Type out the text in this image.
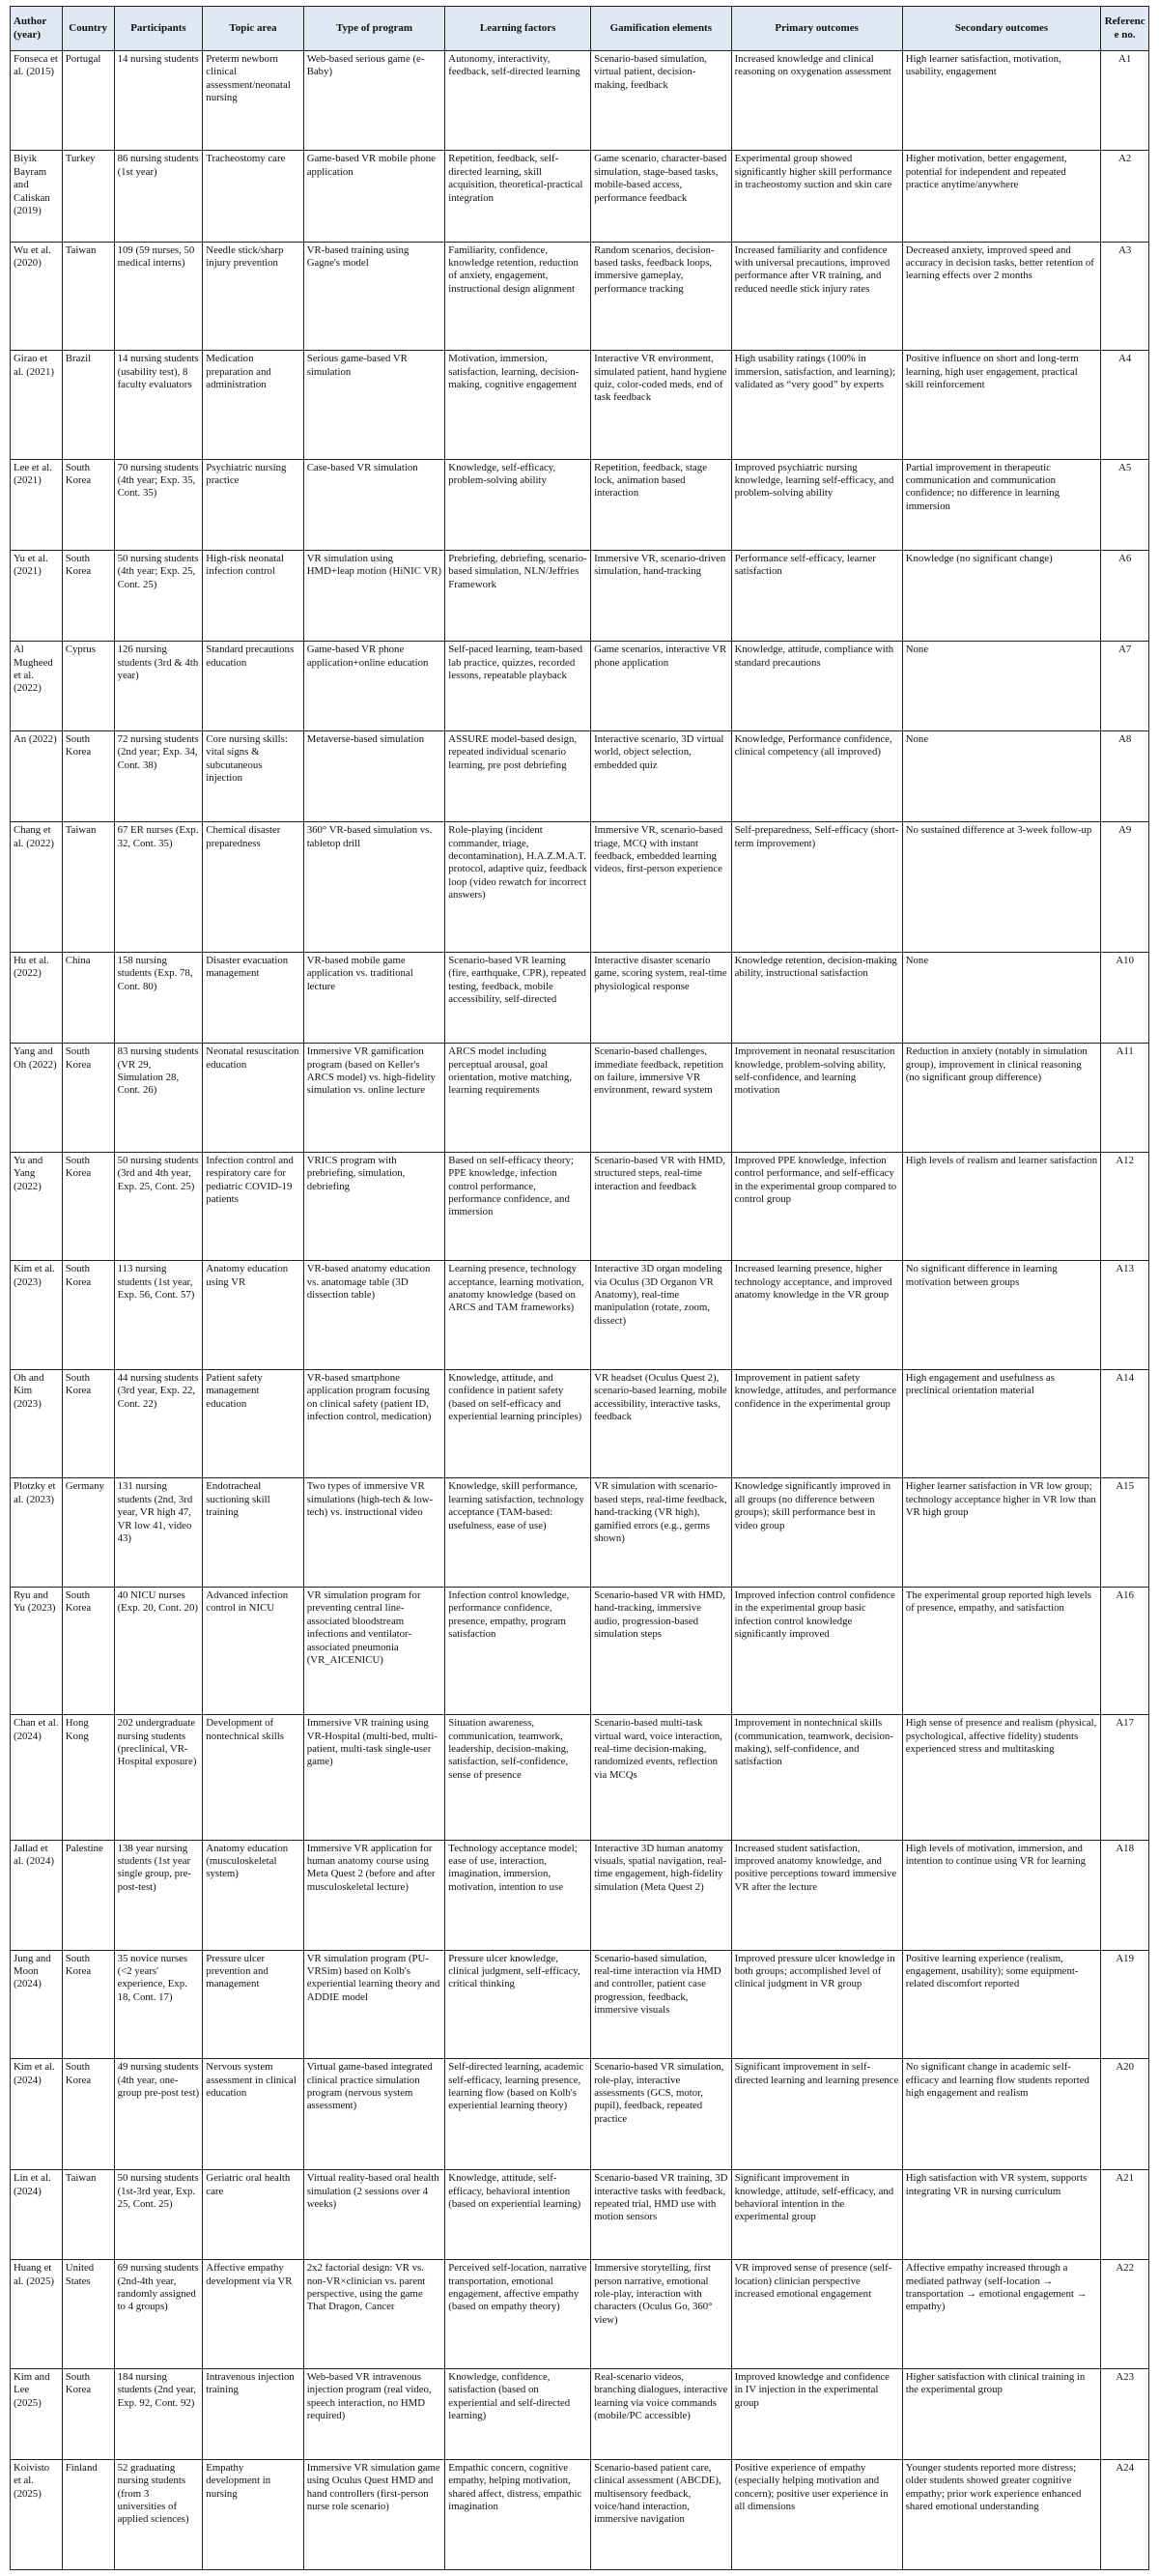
Author (year)	Country	Participants	Topic area	Type of program	Learning factors	Gamification elements	Primary outcomes	Secondary outcomes	Reference no.
Fonseca et al. (2015)	Portugal	14 nursing students	Preterm newborn clinical assessment/neonatal nursing	Web-based serious game (e-Baby)	Autonomy, interactivity, feedback, self-directed learning	Scenario-based simulation, virtual patient, decision-making, feedback	Increased knowledge and clinical reasoning on oxygenation assessment	High learner satisfaction, motivation, usability, engagement	A1
Biyik Bayram and Caliskan (2019)	Turkey	86 nursing students (1st year)	Tracheostomy care	Game-based VR mobile phone application	Repetition, feedback, self-directed learning, skill acquisition, theoretical-practical integration	Game scenario, character-based simulation, stage-based tasks, mobile-based access, performance feedback	Experimental group showed significantly higher skill performance in tracheostomy suction and skin care	Higher motivation, better engagement, potential for independent and repeated practice anytime/anywhere	A2
Wu et al. (2020)	Taiwan	109 (59 nurses, 50 medical interns)	Needle stick/sharp injury prevention	VR-based training using Gagne's model	Familiarity, confidence, knowledge retention, reduction of anxiety, engagement, instructional design alignment	Random scenarios, decision-based tasks, feedback loops, immersive gameplay, performance tracking	Increased familiarity and confidence with universal precautions, improved performance after VR training, and reduced needle stick injury rates	Decreased anxiety, improved speed and accuracy in decision tasks, better retention of learning effects over 2 months	A3
Girao et al. (2021)	Brazil	14 nursing students (usability test), 8 faculty evaluators	Medication preparation and administration	Serious game-based VR simulation	Motivation, immersion, satisfaction, learning, decision-making, cognitive engagement	Interactive VR environment, simulated patient, hand hygiene quiz, color-coded meds, end of task feedback	High usability ratings (100% in immersion, satisfaction, and learning); validated as “very good” by experts	Positive influence on short and long-term learning, high user engagement, practical skill reinforcement	A4
Lee et al. (2021)	South Korea	70 nursing students (4th year; Exp. 35, Cont. 35)	Psychiatric nursing practice	Case-based VR simulation	Knowledge, self-efficacy, problem-solving ability	Repetition, feedback, stage lock, animation based interaction	Improved psychiatric nursing knowledge, learning self-efficacy, and problem-solving ability	Partial improvement in therapeutic communication and communication confidence; no difference in learning immersion	A5
Yu et al. (2021)	South Korea	50 nursing students (4th year; Exp. 25, Cont. 25)	High-risk neonatal infection control	VR simulation using HMD+leap motion (HiNIC VR)	Prebriefing, debriefing, scenario-based simulation, NLN/Jeffries Framework	Immersive VR, scenario-driven simulation, hand-tracking	Performance self-efficacy, learner satisfaction	Knowledge (no significant change)	A6
Al Mugheed et al. (2022)	Cyprus	126 nursing students (3rd & 4th year)	Standard precautions education	Game-based VR phone application+online education	Self-paced learning, team-based lab practice, quizzes, recorded lessons, repeatable playback	Game scenarios, interactive VR phone application	Knowledge, attitude, compliance with standard precautions	None	A7
An (2022)	South Korea	72 nursing students (2nd year; Exp. 34, Cont. 38)	Core nursing skills: vital signs & subcutaneous injection	Metaverse-based simulation	ASSURE model-based design, repeated individual scenario learning, pre post debriefing	Interactive scenario, 3D virtual world, object selection, embedded quiz	Knowledge, Performance confidence, clinical competency (all improved)	None	A8
Chang et al. (2022)	Taiwan	67 ER nurses (Exp. 32, Cont. 35)	Chemical disaster preparedness	360° VR-based simulation vs. tabletop drill	Role-playing (incident commander, triage, decontamination), H.A.Z.M.A.T. protocol, adaptive quiz, feedback loop (video rewatch for incorrect answers)	Immersive VR, scenario-based triage, MCQ with instant feedback, embedded learning videos, first-person experience	Self-preparedness, Self-efficacy (short-term improvement)	No sustained difference at 3-week follow-up	A9
Hu et al. (2022)	China	158 nursing students (Exp. 78, Cont. 80)	Disaster evacuation management	VR-based mobile game application vs. traditional lecture	Scenario-based VR learning (fire, earthquake, CPR), repeated testing, feedback, mobile accessibility, self-directed	Interactive disaster scenario game, scoring system, real-time physiological response	Knowledge retention, decision-making ability, instructional satisfaction	None	A10
Yang and Oh (2022)	South Korea	83 nursing students (VR 29, Simulation 28, Cont. 26)	Neonatal resuscitation education	Immersive VR gamification program (based on Keller's ARCS model) vs. high-fidelity simulation vs. online lecture	ARCS model including perceptual arousal, goal orientation, motive matching, learning requirements	Scenario-based challenges, immediate feedback, repetition on failure, immersive VR environment, reward system	Improvement in neonatal resuscitation knowledge, problem-solving ability, self-confidence, and learning motivation	Reduction in anxiety (notably in simulation group), improvement in clinical reasoning (no significant group difference)	A11
Yu and Yang (2022)	South Korea	50 nursing students (3rd and 4th year, Exp. 25, Cont. 25)	Infection control and respiratory care for pediatric COVID-19 patients	VRICS program with prebriefing, simulation, debriefing	Based on self-efficacy theory; PPE knowledge, infection control performance, performance confidence, and immersion	Scenario-based VR with HMD, structured steps, real-time interaction and feedback	Improved PPE knowledge, infection control performance, and self-efficacy in the experimental group compared to control group	High levels of realism and learner satisfaction	A12
Kim et al. (2023)	South Korea	113 nursing students (1st year, Exp. 56, Cont. 57)	Anatomy education using VR	VR-based anatomy education vs. anatomage table (3D dissection table)	Learning presence, technology acceptance, learning motivation, anatomy knowledge (based on ARCS and TAM frameworks)	Interactive 3D organ modeling via Oculus (3D Organon VR Anatomy), real-time manipulation (rotate, zoom, dissect)	Increased learning presence, higher technology acceptance, and improved anatomy knowledge in the VR group	No significant difference in learning motivation between groups	A13
Oh and Kim (2023)	South Korea	44 nursing students (3rd year, Exp. 22, Cont. 22)	Patient safety management education	VR-based smartphone application program focusing on clinical safety (patient ID, infection control, medication)	Knowledge, attitude, and confidence in patient safety (based on self-efficacy and experiential learning principles)	VR headset (Oculus Quest 2), scenario-based learning, mobile accessibility, interactive tasks, feedback	Improvement in patient safety knowledge, attitudes, and performance confidence in the experimental group	High engagement and usefulness as preclinical orientation material	A14
Plotzky et al. (2023)	Germany	131 nursing students (2nd, 3rd year, VR high 47, VR low 41, video 43)	Endotracheal suctioning skill training	Two types of immersive VR simulations (high-tech & low-tech) vs. instructional video	Knowledge, skill performance, learning satisfaction, technology acceptance (TAM-based: usefulness, ease of use)	VR simulation with scenario-based steps, real-time feedback, hand-tracking (VR high), gamified errors (e.g., germs shown)	Knowledge significantly improved in all groups (no difference between groups); skill performance best in video group	Higher learner satisfaction in VR low group; technology acceptance higher in VR low than VR high group	A15
Ryu and Yu (2023)	South Korea	40 NICU nurses (Exp. 20, Cont. 20)	Advanced infection control in NICU	VR simulation program for preventing central line-associated bloodstream infections and ventilator-associated pneumonia (VR_AICENICU)	Infection control knowledge, performance confidence, presence, empathy, program satisfaction	Scenario-based VR with HMD, hand-tracking, immersive audio, progression-based simulation steps	Improved infection control confidence in the experimental group basic infection control knowledge significantly improved	The experimental group reported high levels of presence, empathy, and satisfaction	A16
Chan et al. (2024)	Hong Kong	202 undergraduate nursing students (preclinical, VR-Hospital exposure)	Development of nontechnical skills	Immersive VR training using VR-Hospital (multi-bed, multi-patient, multi-task single-user game)	Situation awareness, communication, teamwork, leadership, decision-making, satisfaction, self-confidence, sense of presence	Scenario-based multi-task virtual ward, voice interaction, real-time decision-making, randomized events, reflection via MCQs	Improvement in nontechnical skills (communication, teamwork, decision-making), self-confidence, and satisfaction	High sense of presence and realism (physical, psychological, affective fidelity) students experienced stress and multitasking	A17
Jallad et al. (2024)	Palestine	138 year nursing students (1st year single group, pre-post-test)	Anatomy education (musculoskeletal system)	Immersive VR application for human anatomy course using Meta Quest 2 (before and after musculoskeletal lecture)	Technology acceptance model; ease of use, interaction, imagination, immersion, motivation, intention to use	Interactive 3D human anatomy visuals, spatial navigation, real-time engagement, high-fidelity simulation (Meta Quest 2)	Increased student satisfaction, improved anatomy knowledge, and positive perceptions toward immersive VR after the lecture	High levels of motivation, immersion, and intention to continue using VR for learning	A18
Jung and Moon (2024)	South Korea	35 novice nurses (<2 years' experience, Exp. 18, Cont. 17)	Pressure ulcer prevention and management	VR simulation program (PU-VRSim) based on Kolb's experiential learning theory and ADDIE model	Pressure ulcer knowledge, clinical judgment, self-efficacy, critical thinking	Scenario-based simulation, real-time interaction via HMD and controller, patient case progression, feedback, immersive visuals	Improved pressure ulcer knowledge in both groups; accomplished level of clinical judgment in VR group	Positive learning experience (realism, engagement, usability); some equipment-related discomfort reported	A19
Kim et al. (2024)	South Korea	49 nursing students (4th year, one-group pre-post test)	Nervous system assessment in clinical education	Virtual game-based integrated clinical practice simulation program (nervous system assessment)	Self-directed learning, academic self-efficacy, learning presence, learning flow (based on Kolb's experiential learning theory)	Scenario-based VR simulation, role-play, interactive assessments (GCS, motor, pupil), feedback, repeated practice	Significant improvement in self-directed learning and learning presence	No significant change in academic self-efficacy and learning flow students reported high engagement and realism	A20
Lin et al. (2024)	Taiwan	50 nursing students (1st-3rd year, Exp. 25, Cont. 25)	Geriatric oral health care	Virtual reality-based oral health simulation (2 sessions over 4 weeks)	Knowledge, attitude, self-efficacy, behavioral intention (based on experiential learning)	Scenario-based VR training, 3D interactive tasks with feedback, repeated trial, HMD use with motion sensors	Significant improvement in knowledge, attitude, self-efficacy, and behavioral intention in the experimental group	High satisfaction with VR system, supports integrating VR in nursing curriculum	A21
Huang et al. (2025)	United States	69 nursing students (2nd-4th year, randomly assigned to 4 groups)	Affective empathy development via VR	2x2 factorial design: VR vs. non-VR×clinician vs. parent perspective, using the game That Dragon, Cancer	Perceived self-location, narrative transportation, emotional engagement, affective empathy (based on empathy theory)	Immersive storytelling, first person narrative, emotional role-play, interaction with characters (Oculus Go, 360° view)	VR improved sense of presence (self-location) clinician perspective increased emotional engagement	Affective empathy increased through a mediated pathway (self-location → transportation → emotional engagement → empathy)	A22
Kim and Lee (2025)	South Korea	184 nursing students (2nd year, Exp. 92, Cont. 92)	Intravenous injection training	Web-based VR intravenous injection program (real video, speech interaction, no HMD required)	Knowledge, confidence, satisfaction (based on experiential and self-directed learning)	Real-scenario videos, branching dialogues, interactive learning via voice commands (mobile/PC accessible)	Improved knowledge and confidence in IV injection in the experimental group	Higher satisfaction with clinical training in the experimental group	A23
Koivisto et al. (2025)	Finland	52 graduating nursing students (from 3 universities of applied sciences)	Empathy development in nursing	Immersive VR simulation game using Oculus Quest HMD and hand controllers (first-person nurse role scenario)	Empathic concern, cognitive empathy, helping motivation, shared affect, distress, empathic imagination	Scenario-based patient care, clinical assessment (ABCDE), multisensory feedback, voice/hand interaction, immersive navigation	Positive experience of empathy (especially helping motivation and concern); positive user experience in all dimensions	Younger students reported more distress; older students showed greater cognitive empathy; prior work experience enhanced shared emotional understanding	A24
